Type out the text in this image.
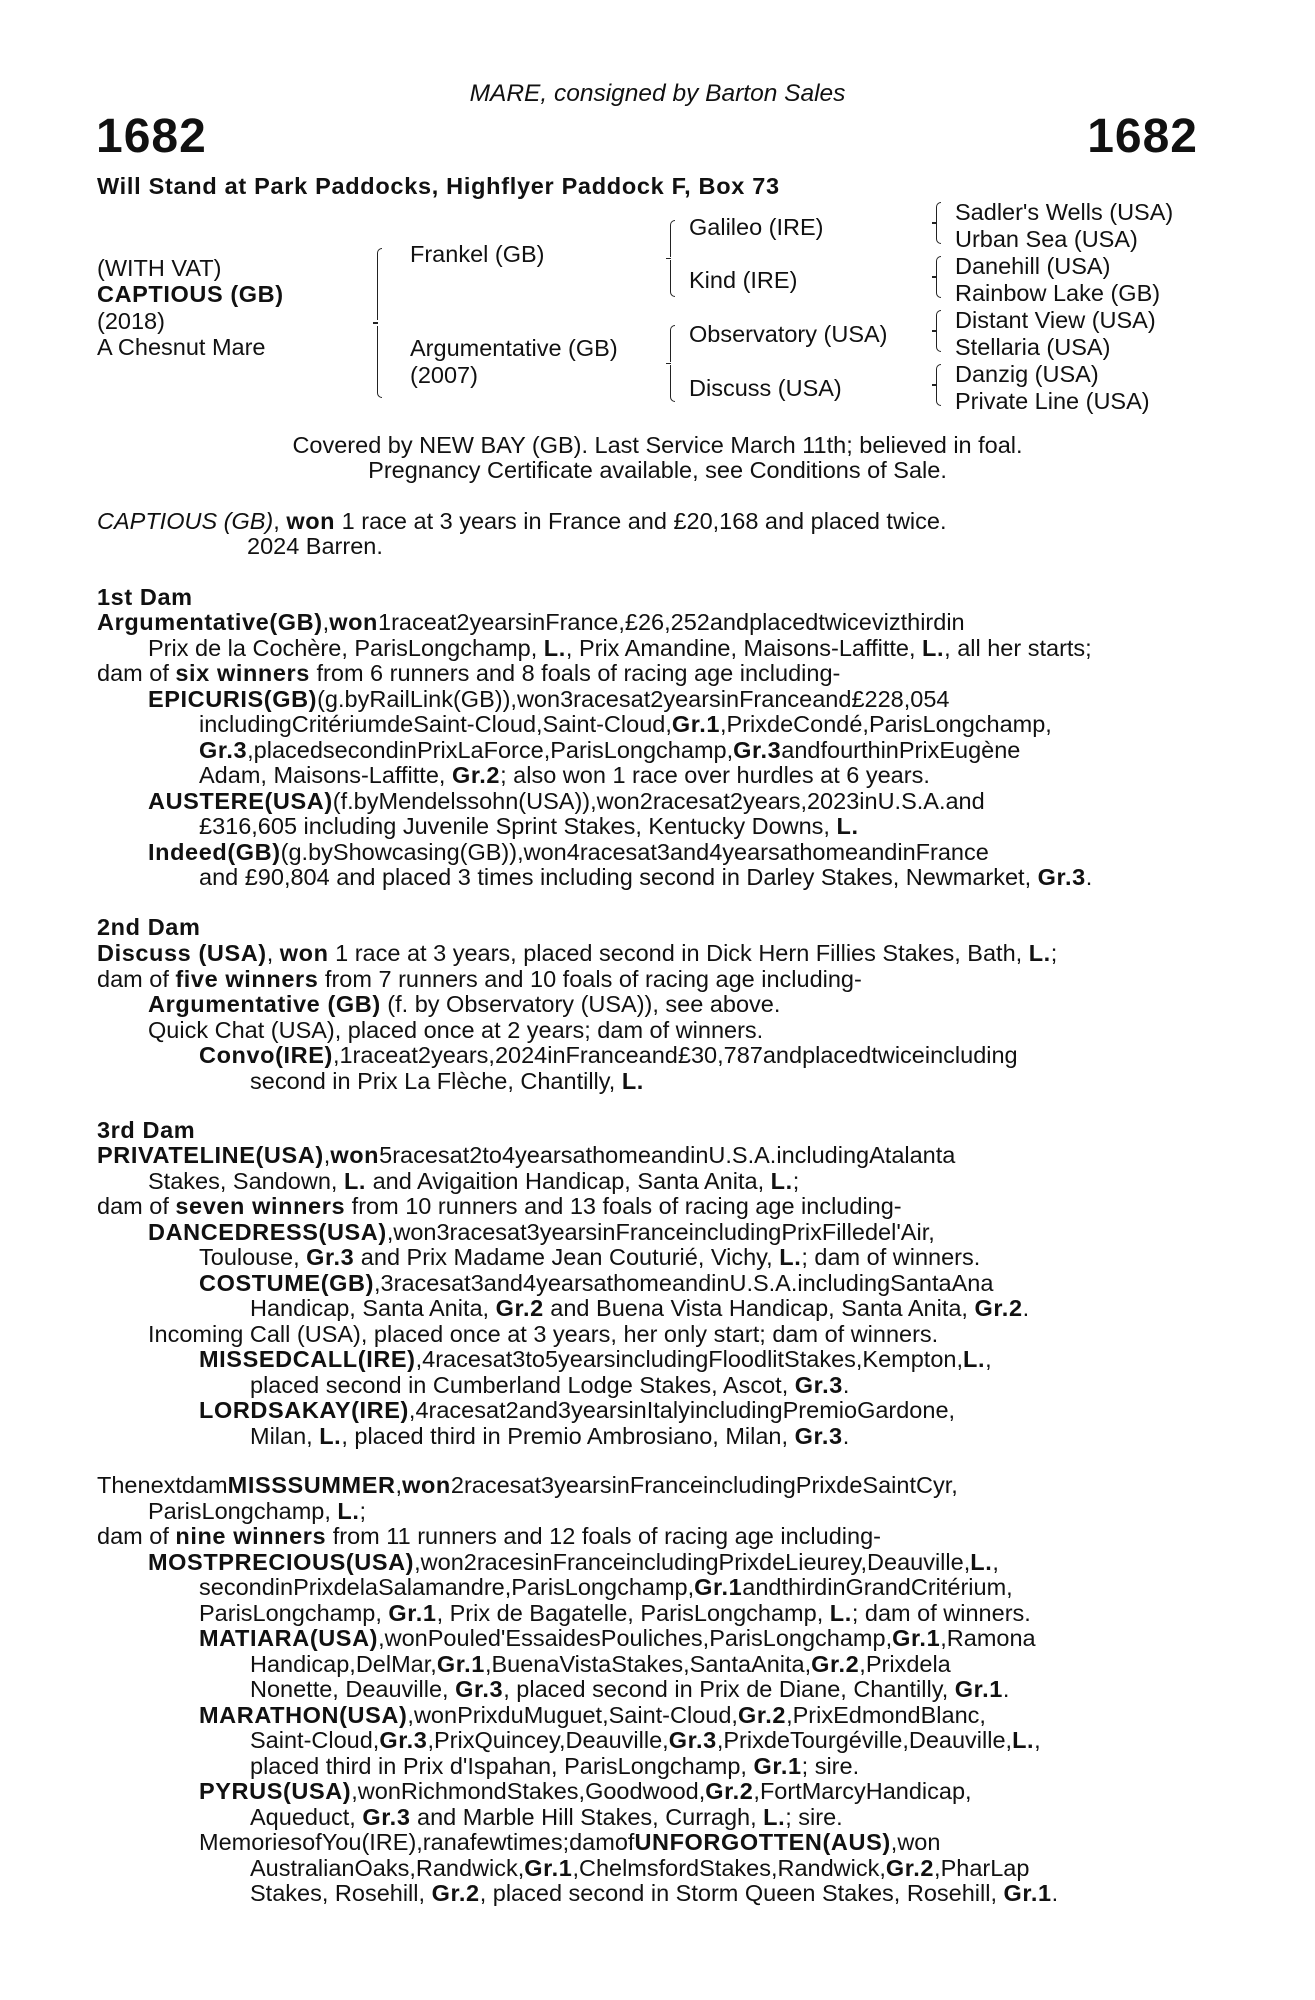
MARE, consigned by Barton Sales
1682	1682
Will Stand at Park Paddocks, Highflyer Paddock F, Box 73
(WITH VAT)
CAPTIOUS (GB)
(2018)
A Chesnut Mare
Frankel (GB)
Argumentative (GB)
(2007)
Galileo (IRE)
Kind (IRE)
Observatory (USA)
Discuss (USA)
Sadler's Wells (USA)
Urban Sea (USA)
Danehill (USA)
Rainbow Lake (GB)
Distant View (USA)
Stellaria (USA)
Danzig (USA)
Private Line (USA)
Covered by NEW BAY (GB). Last Service March 11th; believed in foal.
Pregnancy Certificate available, see Conditions of Sale.
CAPTIOUS (GB), won 1 race at 3 years in France and £20,168 and placed twice.
2024 Barren.
1st Dam
Argumentative(GB),won1raceat2yearsinFrance,£26,252andplacedtwicevizthirdin
Prix de la Cochère, ParisLongchamp, L., Prix Amandine, Maisons-Laffitte, L., all her starts;
dam of six winners from 6 runners and 8 foals of racing age including-
EPICURIS(GB)(g.byRailLink(GB)),won3racesat2yearsinFranceand£228,054
includingCritériumdeSaint-Cloud,Saint-Cloud,Gr.1,PrixdeCondé,ParisLongchamp,
Gr.3,placedsecondinPrixLaForce,ParisLongchamp,Gr.3andfourthinPrixEugène
Adam, Maisons-Laffitte, Gr.2; also won 1 race over hurdles at 6 years.
AUSTERE(USA)(f.byMendelssohn(USA)),won2racesat2years,2023inU.S.A.and
£316,605 including Juvenile Sprint Stakes, Kentucky Downs, L.
Indeed(GB)(g.byShowcasing(GB)),won4racesat3and4yearsathomeandinFrance
and £90,804 and placed 3 times including second in Darley Stakes, Newmarket, Gr.3.
2nd Dam
Discuss (USA), won 1 race at 3 years, placed second in Dick Hern Fillies Stakes, Bath, L.;
dam of five winners from 7 runners and 10 foals of racing age including-
Argumentative (GB) (f. by Observatory (USA)), see above.
Quick Chat (USA), placed once at 2 years; dam of winners.
Convo(IRE),1raceat2years,2024inFranceand£30,787andplacedtwiceincluding
second in Prix La Flèche, Chantilly, L.
3rd Dam
PRIVATELINE(USA),won5racesat2to4yearsathomeandinU.S.A.includingAtalanta
Stakes, Sandown, L. and Avigaition Handicap, Santa Anita, L.;
dam of seven winners from 10 runners and 13 foals of racing age including-
DANCEDRESS(USA),won3racesat3yearsinFranceincludingPrixFilledel'Air,
Toulouse, Gr.3 and Prix Madame Jean Couturié, Vichy, L.; dam of winners.
COSTUME(GB),3racesat3and4yearsathomeandinU.S.A.includingSantaAna
Handicap, Santa Anita, Gr.2 and Buena Vista Handicap, Santa Anita, Gr.2.
Incoming Call (USA), placed once at 3 years, her only start; dam of winners.
MISSEDCALL(IRE),4racesat3to5yearsincludingFloodlitStakes,Kempton,L.,
placed second in Cumberland Lodge Stakes, Ascot, Gr.3.
LORDSAKAY(IRE),4racesat2and3yearsinItalyincludingPremioGardone,
Milan, L., placed third in Premio Ambrosiano, Milan, Gr.3.
ThenextdamMISSSUMMER,won2racesat3yearsinFranceincludingPrixdeSaintCyr,
ParisLongchamp, L.;
dam of nine winners from 11 runners and 12 foals of racing age including-
MOSTPRECIOUS(USA),won2racesinFranceincludingPrixdeLieurey,Deauville,L.,
secondinPrixdelaSalamandre,ParisLongchamp,Gr.1andthirdinGrandCritérium,
ParisLongchamp, Gr.1, Prix de Bagatelle, ParisLongchamp, L.; dam of winners.
MATIARA(USA),wonPouled'EssaidesPouliches,ParisLongchamp,Gr.1,Ramona
Handicap,DelMar,Gr.1,BuenaVistaStakes,SantaAnita,Gr.2,Prixdela
Nonette, Deauville, Gr.3, placed second in Prix de Diane, Chantilly, Gr.1.
MARATHON(USA),wonPrixduMuguet,Saint-Cloud,Gr.2,PrixEdmondBlanc,
Saint-Cloud,Gr.3,PrixQuincey,Deauville,Gr.3,PrixdeTourgéville,Deauville,L.,
placed third in Prix d'Ispahan, ParisLongchamp, Gr.1; sire.
PYRUS(USA),wonRichmondStakes,Goodwood,Gr.2,FortMarcyHandicap,
Aqueduct, Gr.3 and Marble Hill Stakes, Curragh, L.; sire.
MemoriesofYou(IRE),ranafewtimes;damofUNFORGOTTEN(AUS),won
AustralianOaks,Randwick,Gr.1,ChelmsfordStakes,Randwick,Gr.2,PharLap
Stakes, Rosehill, Gr.2, placed second in Storm Queen Stakes, Rosehill, Gr.1.
